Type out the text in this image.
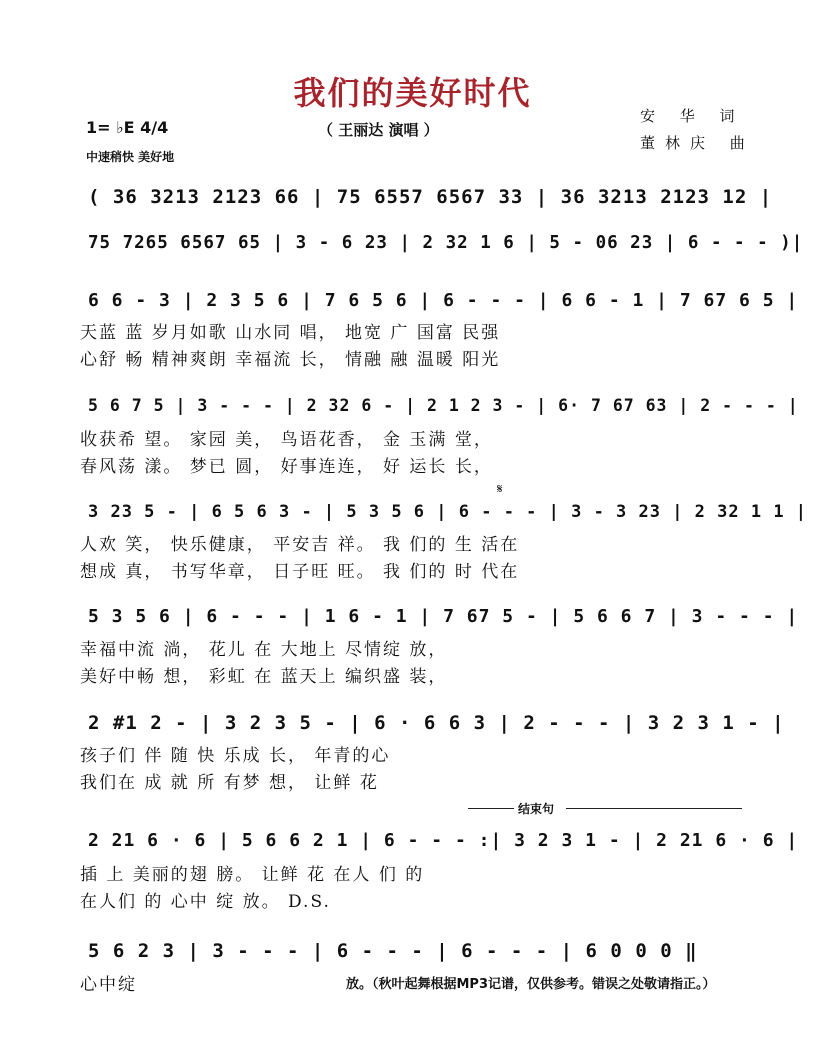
我们的美好时代
（ 王丽达 演唱 ）
安 华 词
董林庆 曲
1= ♭E 4/4
中速稍快 美好地
( 36 3213 2123 66 | 75 6557 6567 33 | 36 3213 2123 12 |
75 7265 6567 65 | 3 - 6 23 | 2 32 1 6 | 5 - 06 23 | 6 - - - )|
6 6 - 3 | 2 3 5 6 | 7 6 5 6 | 6 - - - | 6 6 - 1 | 7 67 6 5 |
天蓝 蓝 岁月如歌 山水同 唱， 地宽 广 国富 民强
心舒 畅 精神爽朗 幸福流 长， 情融 融 温暖 阳光
5 6 7 5 | 3 - - - | 2 32 6 - | 2 1 2 3 - | 6· 7 67 63 | 2 - - - |
收获希 望。 家园 美， 鸟语花香， 金 玉满 堂，
春风荡 漾。 梦已 圆， 好事连连， 好 运长 长，
𝄋
3 23 5 - | 6 5 6 3 - | 5 3 5 6 | 6 - - - | 3 - 3 23 | 2 32 1 1 |
人欢 笑， 快乐健康， 平安吉 祥。 我 们的 生 活在
想成 真， 书写华章， 日子旺 旺。 我 们的 时 代在
5 3 5 6 | 6 - - - | 1 6 - 1 | 7 67 5 - | 5 6 6 7 | 3 - - - |
幸福中流 淌， 花儿 在 大地上 尽情绽 放，
美好中畅 想， 彩虹 在 蓝天上 编织盛 装，
2 #1 2 - | 3 2 3 5 - | 6 · 6 6 3 | 2 - - - | 3 2 3 1 - |
孩子们 伴 随 快 乐成 长， 年青的心
我们在 成 就 所 有梦 想， 让鲜 花
结束句
2 21 6 · 6 | 5 6 6 2 1 | 6 - - - :| 3 2 3 1 - | 2 21 6 · 6 |
插 上 美丽的翅 膀。 让鲜 花 在人 们 的
在人们 的 心中 绽 放。 D.S.
5 6 2 3 | 3 - - - | 6 - - - | 6 - - - | 6 0 0 0 ‖
心中绽	放。（秋叶起舞根据MP3记谱，仅供参考。错误之处敬请指正。）
